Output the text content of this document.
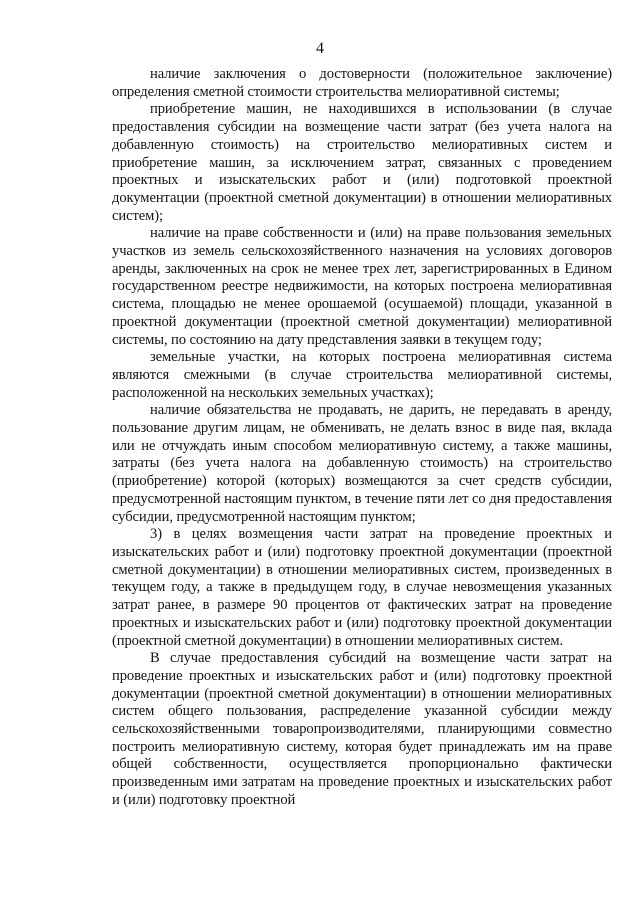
4

наличие заключения о достоверности (положительное заключение) определения сметной стоимости строительства мелиоративной системы;

приобретение машин, не находившихся в использовании (в случае предоставления субсидии на возмещение части затрат (без учета налога на добавленную стоимость) на строительство мелиоративных систем и приобретение машин, за исключением затрат, связанных с проведением проектных и изыскательских работ и (или) подготовкой проектной документации (проектной сметной документации) в отношении мелиоративных систем);

наличие на праве собственности и (или) на праве пользования земельных участков из земель сельскохозяйственного назначения на условиях договоров аренды, заключенных на срок не менее трех лет, зарегистрированных в Едином государственном реестре недвижимости, на которых построена мелиоративная система, площадью не менее орошаемой (осушаемой) площади, указанной в проектной документации (проектной сметной документации) мелиоративной системы, по состоянию на дату представления заявки в текущем году;

земельные участки, на которых построена мелиоративная система являются смежными (в случае строительства мелиоративной системы, расположенной на нескольких земельных участках);

наличие обязательства не продавать, не дарить, не передавать в аренду, пользование другим лицам, не обменивать, не делать взнос в виде пая, вклада или не отчуждать иным способом мелиоративную систему, а также машины, затраты (без учета налога на добавленную стоимость) на строительство (приобретение) которой (которых) возмещаются за счет средств субсидии, предусмотренной настоящим пунктом, в течение пяти лет со дня предоставления субсидии, предусмотренной настоящим пунктом;

3) в целях возмещения части затрат на проведение проектных и изыскательских работ и (или) подготовку проектной документации (проектной сметной документации) в отношении мелиоративных систем, произведенных в текущем году, а также в предыдущем году, в случае невозмещения указанных затрат ранее, в размере 90 процентов от фактических затрат на проведение проектных и изыскательских работ и (или) подготовку проектной документации (проектной сметной документации) в отношении мелиоративных систем.

В случае предоставления субсидий на возмещение части затрат на проведение проектных и изыскательских работ и (или) подготовку проектной документации (проектной сметной документации) в отношении мелиоративных систем общего пользования, распределение указанной субсидии между сельскохозяйственными товаропроизводителями, планирующими совместно построить мелиоративную систему, которая будет принадлежать им на праве общей собственности, осуществляется пропорционально фактически произведенным ими затратам на проведение проектных и изыскательских работ и (или) подготовку проектной
